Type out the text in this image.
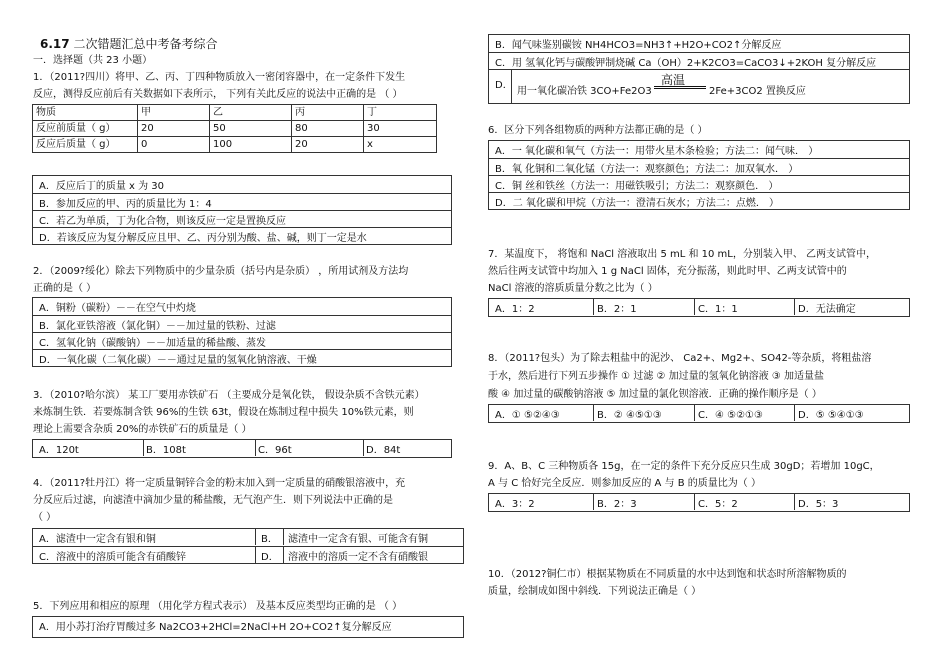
6.17 二次错题汇总中考备考综合
一．选择题（共 23 小题）
1．（2011?四川）将甲、乙、丙、丁四种物质放入一密闭容器中，在一定条件下发生
反应，测得反应前后有关数据如下表所示， 下列有关此反应的说法中正确的是 （ ）
物质	甲	乙	丙	丁
反应前质量（ g）	20	50	80	30
反应后质量（ g）	0	100	20	x
A．反应后丁的质量 x 为 30
B．参加反应的甲、丙的质量比为 1：4
C．若乙为单质，丁为化合物，则该反应一定是置换反应
D．若该反应为复分解反应且甲、乙、丙分别为酸、盐、碱，则丁一定是水
2．（2009?绥化）除去下列物质中的少量杂质（括号内是杂质） ，所用试剂及方法均
正确的是（ ）
A．铜粉（碳粉）－－在空气中灼烧
B．氯化亚铁溶液（氯化铜）－－加过量的铁粉、过滤
C．氢氧化钠（碳酸钠）－－加适量的稀盐酸、蒸发
D．一氧化碳（二氧化碳）－－通过足量的氢氧化钠溶液、干燥
3．（2010?哈尔滨） 某工厂要用赤铁矿石 （主要成分是氧化铁， 假设杂质不含铁元素）
来炼制生铁．若要炼制含铁 96%的生铁 63t，假设在炼制过程中损失 10%铁元素，则
理论上需要含杂质 20%的赤铁矿石的质量是（ ）
A．120t	B．108t	C．96t	D．84t
4．（2011?牡丹江）将一定质量铜锌合金的粉末加入到一定质量的硝酸银溶液中，充
分反应后过滤，向滤渣中滴加少量的稀盐酸，无气泡产生．则下列说法中正确的是
（ ）
A．滤渣中一定含有银和铜	B． 滤渣中一定含有银、可能含有铜
C．溶液中的溶质可能含有硝酸锌	D． 溶液中的溶质一定不含有硝酸银
5．下列应用和相应的原理 （用化学方程式表示） 及基本反应类型均正确的是 （ ）
A．用小苏打治疗胃酸过多 Na2CO3+2HCl=2NaCl+H 2O+CO2↑复分解反应
B．闻气味鉴别碳铵 NH4HCO3=NH3↑+H2O+CO2↑分解反应
C．用 氢氧化钙与碳酸钾制烧碱 Ca（OH）2+K2CO3=CaCO3↓+2KOH 复分解反应
D．
用一氧化碳冶铁 3CO+Fe2O3
高温
2Fe+3CO2 置换反应
6．区分下列各组物质的两种方法都正确的是（ ）
A．一 氧化碳和氧气（方法一：用带火星木条检验；方法二：闻气味． ）
B．氧 化铜和二氧化锰（方法一：观察颜色；方法二：加双氧水． ）
C．铜 丝和铁丝（方法一：用磁铁吸引；方法二：观察颜色． ）
D．二 氧化碳和甲烷（方法一：澄清石灰水；方法二：点燃． ）
7．某温度下， 将饱和 NaCl 溶液取出 5 mL 和 10 mL，分别装入甲、 乙两支试管中，
然后往两支试管中均加入 1 g NaCl 固体，充分振荡，则此时甲、乙两支试管中的
NaCl 溶液的溶质质量分数之比为（ ）
A．1：2	B．2：1	C．1：1	D．无法确定
8．（2011?包头）为了除去粗盐中的泥沙、 Ca2+、Mg2+、SO42-等杂质，将粗盐溶
于水，然后进行下列五步操作 ① 过滤 ② 加过量的氢氧化钠溶液 ③ 加适量盐
酸 ④ 加过量的碳酸钠溶液 ⑤ 加过量的氯化钡溶液．正确的操作顺序是（ ）
A．① ⑤②④③	B．② ④⑤①③	C．④ ⑤②①③	D．⑤ ⑤④①③
9．A、B、C 三种物质各 15g，在一定的条件下充分反应只生成 30gD；若增加 10gC，
A 与 C 恰好完全反应．则参加反应的 A 与 B 的质量比为（ ）
A．3：2	B．2：3	C．5：2	D．5：3
10．（2012?铜仁市）根据某物质在不同质量的水中达到饱和状态时所溶解物质的
质量，绘制成如图中斜线．下列说法正确是（ ）
